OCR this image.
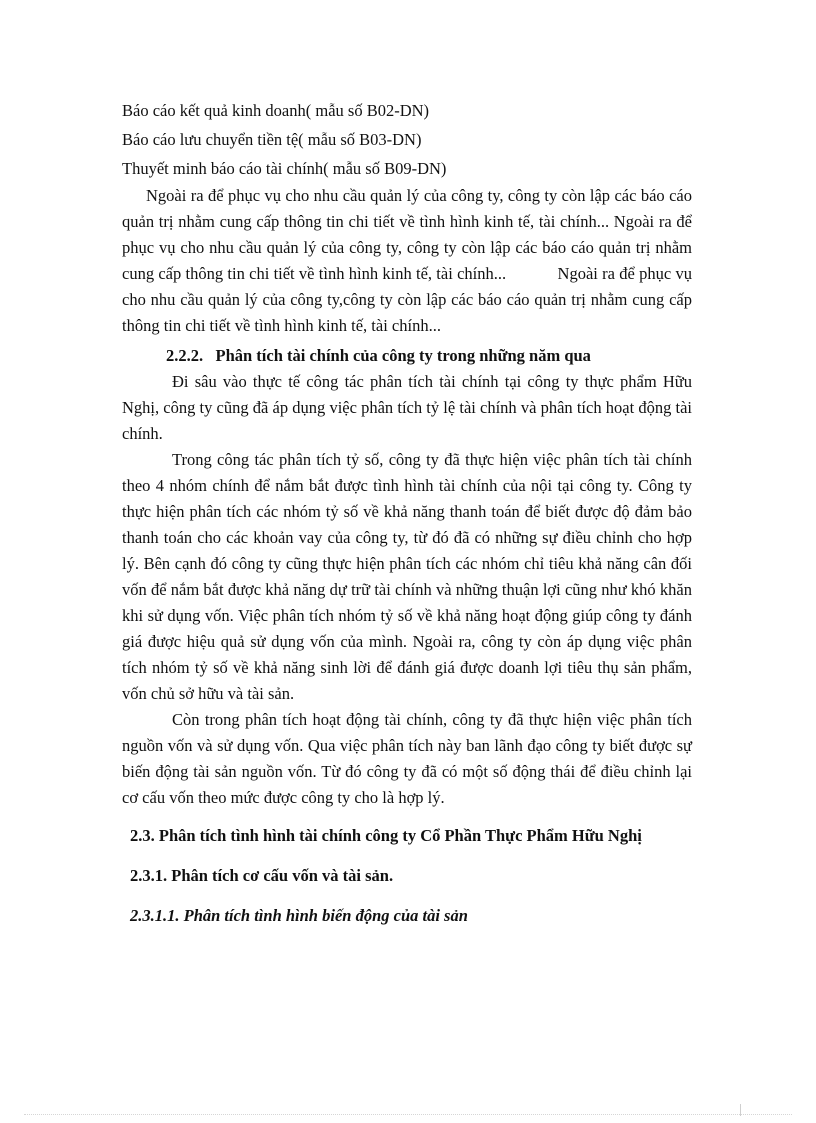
Báo cáo kết quả kinh doanh( mẫu số B02-DN)

Báo cáo lưu chuyển tiền tệ( mẫu số B03-DN)

Thuyết minh báo cáo tài chính( mẫu số B09-DN)

Ngoài ra để phục vụ cho nhu cầu quản lý của công ty, công ty còn lập các báo cáo quản trị nhằm cung cấp thông tin chi tiết về tình hình kinh tế, tài chính... Ngoài ra để phục vụ cho nhu cầu quản lý của công ty, công ty còn lập các báo cáo quản trị nhằm cung cấp thông tin chi tiết về tình hình kinh tế, tài chính...            Ngoài ra để phục vụ cho nhu cầu quản lý của công ty,công ty còn lập các báo cáo quản trị nhằm cung cấp thông tin chi tiết về tình hình kinh tế, tài chính...

2.2.2.   Phân tích tài chính của công ty trong những năm qua

Đi sâu vào thực tế công tác phân tích tài chính tại công ty thực phẩm Hữu Nghị, công ty cũng đã áp dụng việc phân tích tỷ lệ tài chính và phân tích hoạt động tài chính.

Trong công tác phân tích tỷ số, công ty đã thực hiện việc phân tích tài chính theo 4 nhóm chính để nắm bắt được tình hình tài chính của nội tại công ty. Công ty thực hiện phân tích các nhóm tỷ số về khả năng thanh toán để biết được độ đảm bảo thanh toán cho các khoản vay của công ty, từ đó đã có những sự điều chỉnh cho hợp lý. Bên cạnh đó công ty cũng thực hiện phân tích các nhóm chỉ tiêu khả năng cân đối vốn để nắm bắt được khả năng dự trữ tài chính và những thuận lợi cũng như khó khăn khi sử dụng vốn. Việc phân tích nhóm tỷ số về khả năng hoạt động giúp công ty đánh giá được hiệu quả sử dụng vốn của mình. Ngoài ra, công ty còn áp dụng việc phân tích nhóm tỷ số về khả năng sinh lời để đánh giá được doanh lợi tiêu thụ sản phẩm, vốn chủ sở hữu và tài sản.

Còn trong phân tích hoạt động tài chính, công ty đã thực hiện việc phân tích nguồn vốn và sử dụng vốn. Qua việc phân tích này ban lãnh đạo công ty biết được sự biến động tài sản nguồn vốn. Từ đó công ty đã có một số động thái để điều chỉnh lại cơ cấu vốn theo mức được công ty cho là hợp lý.

2.3. Phân tích tình hình tài chính công ty Cổ Phần Thực Phẩm Hữu Nghị
2.3.1. Phân tích cơ cấu vốn và tài sản.
2.3.1.1. Phân tích tình hình biến động của tài sản
